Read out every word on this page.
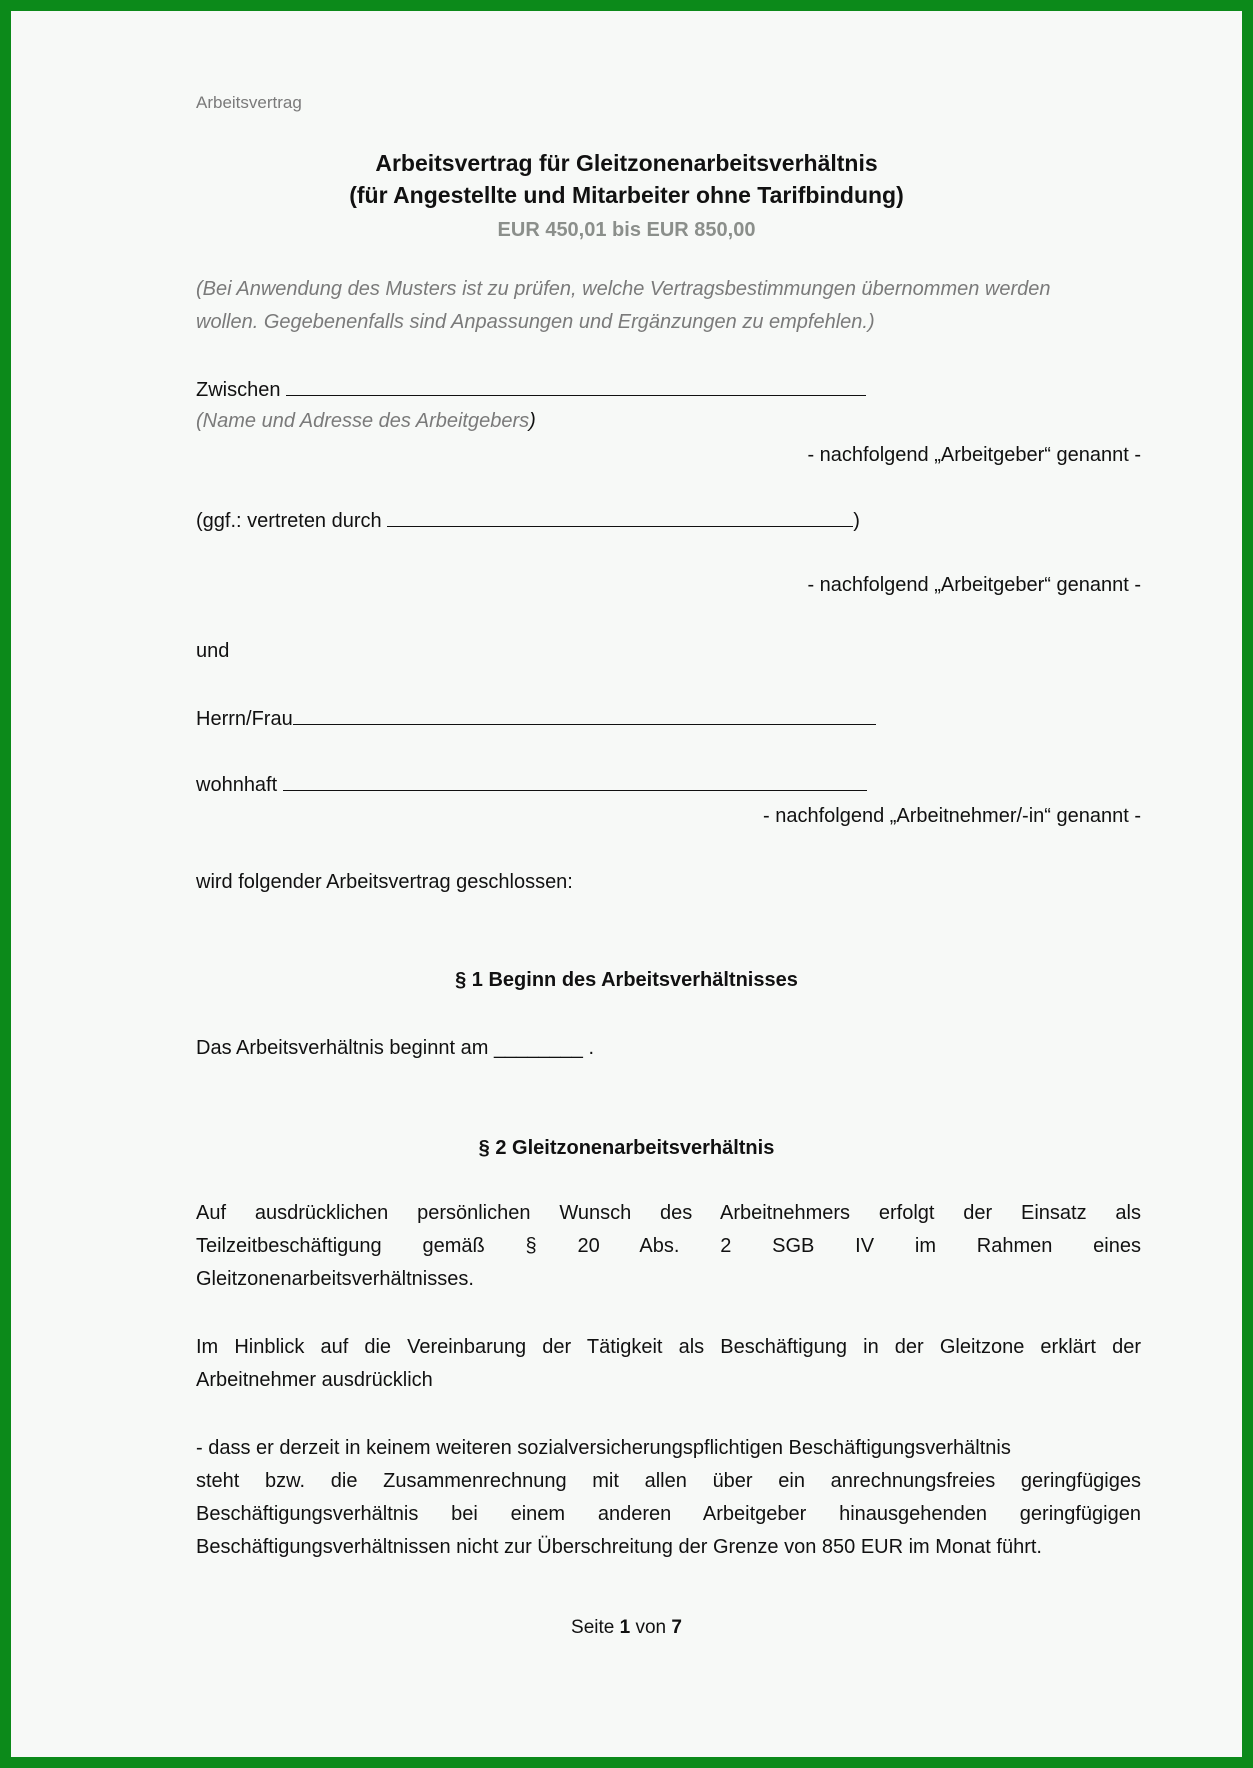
Arbeitsvertrag
Arbeitsvertrag für Gleitzonenarbeitsverhältnis
(für Angestellte und Mitarbeiter ohne Tarifbindung)
EUR 450,01 bis EUR 850,00
(Bei Anwendung des Musters ist zu prüfen, welche Vertragsbestimmungen übernommen werden
wollen. Gegebenenfalls sind Anpassungen und Ergänzungen zu empfehlen.)
Zwischen
(Name und Adresse des Arbeitgebers)
- nachfolgend „Arbeitgeber“ genannt -
(ggf.: vertreten durch	)
- nachfolgend „Arbeitgeber“ genannt -
und
Herrn/Frau
wohnhaft
- nachfolgend „Arbeitnehmer/-in“ genannt -
wird folgender Arbeitsvertrag geschlossen:
§ 1 Beginn des Arbeitsverhältnisses
Das Arbeitsverhältnis beginnt am ________ .
§ 2 Gleitzonenarbeitsverhältnis
Auf ausdrücklichen persönlichen Wunsch des Arbeitnehmers erfolgt der Einsatz als
Teilzeitbeschäftigung gemäß § 20 Abs. 2 SGB IV im Rahmen eines
Gleitzonenarbeitsverhältnisses.
Im Hinblick auf die Vereinbarung der Tätigkeit als Beschäftigung in der Gleitzone erklärt der
Arbeitnehmer ausdrücklich
- dass er derzeit in keinem weiteren sozialversicherungspflichtigen Beschäftigungsverhältnis
steht bzw. die Zusammenrechnung mit allen über ein anrechnungsfreies geringfügiges
Beschäftigungsverhältnis bei einem anderen Arbeitgeber hinausgehenden geringfügigen
Beschäftigungsverhältnissen nicht zur Überschreitung der Grenze von 850 EUR im Monat führt.
Seite 1 von 7
